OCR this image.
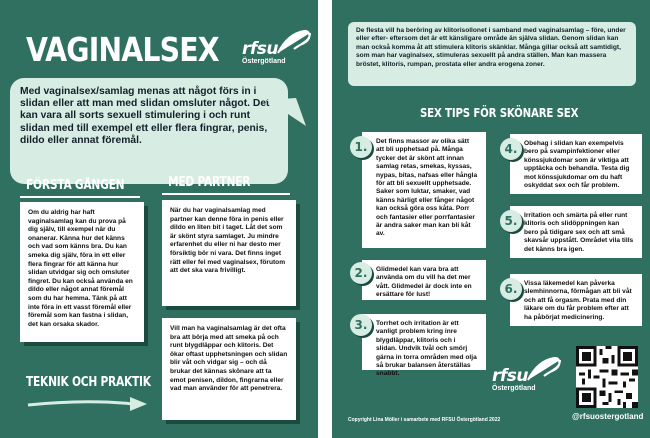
VAGINALSEX rfsu
Östergötland
Med vaginalsex/samlag menas att något förs in i slidan eller att man med slidan omsluter något. Det kan vara all sorts sexuell stimulering i och runt slidan med till exempel ett eller flera fingrar, penis, dildo eller annat föremål.
FÖRSTA GÅNGEN
Om du aldrig har haft vaginalsamlag kan du prova på dig själv, till exempel när du onanerar. Känna hur det känns och vad som känns bra. Du kan smeka dig själv, föra in ett eller flera fingrar för att känna hur slidan utvidgar sig och omsluter fingret. Du kan också använda en dildo eller något annat föremål som du har hemma. Tänk på att inte föra in ett vasst föremål eller föremål som kan fastna i slidan, det kan orsaka skador.
MED PARTNER
När du har vaginalsamlag med partner kan denne föra in penis eller dildo en liten bit i taget. Låt det som är skönt styra samlaget. Ju mindre erfarenhet du eller ni har desto mer försiktig bör ni vara. Det finns inget rätt eller fel med vaginalsex, förutom att det ska vara frivilligt.
Vill man ha vaginalsamlag är det ofta bra att börja med att smeka på och runt blygdläppar och klitoris. Det ökar oftast upphetsningen och slidan blir våt och vidgar sig – och då brukar det kännas skönare att ta emot penisen, dildon, fingrarna eller vad man använder för att penetrera.
TEKNIK OCH PRAKTIK
De flesta vill ha beröring av klitorisollonet i samband med vaginalsamlag – före, under eller efter- eftersom det är ett känsligare område än själva slidan. Genom slidan kan man också komma åt att stimulera klitoris skänklar. Många gillar också att samtidigt, som man har vaginalsex, stimuleras sexuellt på andra ställen. Man kan massera bröstet, klitoris, rumpan, prostata eller andra erogena zoner.
SEX TIPS FÖR SKÖNARE SEX
Det finns massor av olika sätt att bli upphetsad på. Många tycker det är skönt att innan samlag retas, smekas, kyssas, nypas, bitas, nafsas eller hångla för att bli sexuellt upphetsade. Saker som luktar, smaker, vad känns härligt eller fånger något kan också göra oss kåta. Porr och fantasier eller porrfantasier är andra saker man kan bli kåt av.
1.
Glidmedel kan vara bra att använda om du vill ha det mer vått. Glidmedel är dock inte en ersättare för lust!
2.
Torrhet och irritation är ett vanligt problem kring inre blygdläppar, klitoris och i slidan. Undvik tvål och smörj gärna in torra områden med olja så brukar balansen återställas snabbt.
3.
Obehag i slidan kan exempelvis bero på svampinfektioner eller könssjukdomar som är viktiga att upptäcka och behandla. Testa dig mot könssjukdomar om du haft oskyddat sex och får problem.
4.
Irritation och smärta på eller runt klitoris och slidöppningen kan bero på tidigare sex och att små skavsår uppstått. Området vila tills det känns bra igen.
5.
Vissa läkemedel kan påverka slemhinnorna, förmågan att bli våt och att få orgasm. Prata med din läkare om du får problem efter att ha påbörjat medicinering.
6.
rfsu
Östergötland
Copyright Lina Möller i samarbete med RFSU Östergötland 2022	@rfsuostergotland
